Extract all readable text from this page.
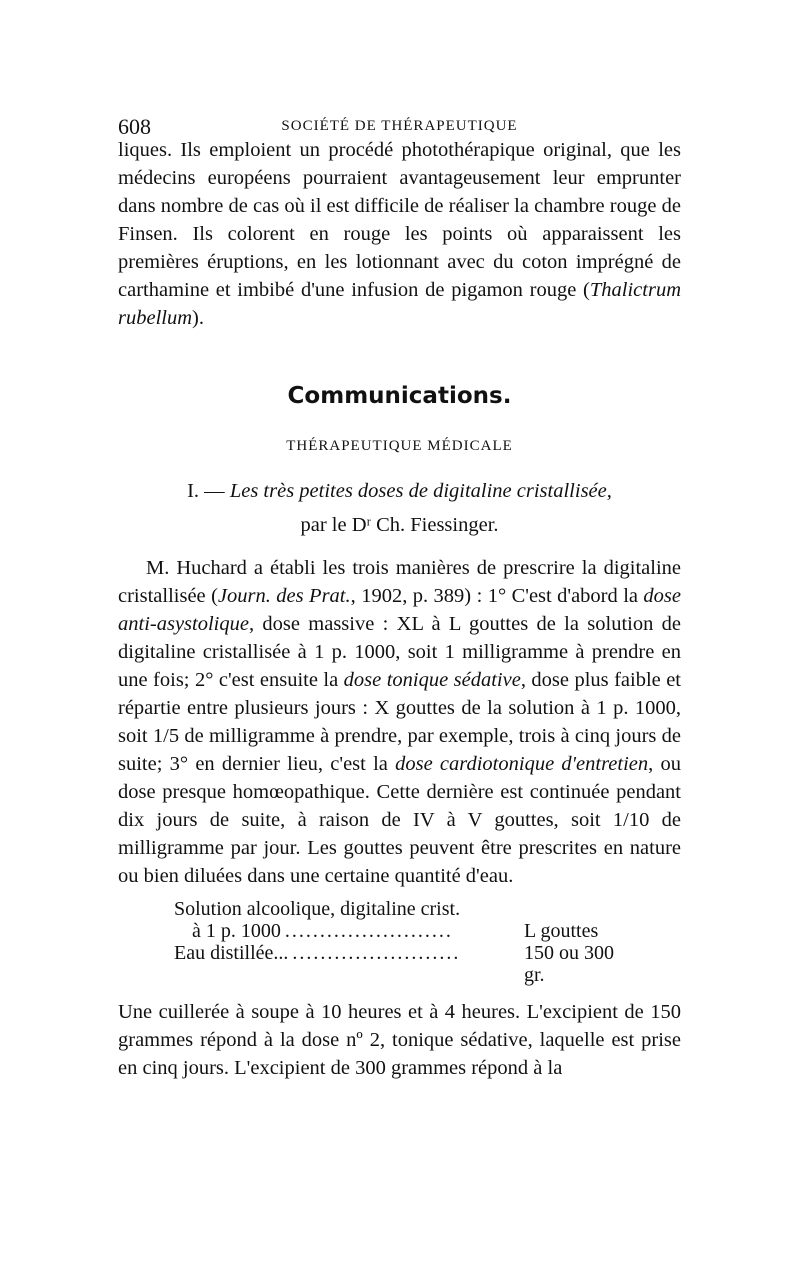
608	SOCIÉTÉ DE THÉRAPEUTIQUE

liques. Ils emploient un procédé photothérapique original, que les médecins européens pourraient avantageusement leur emprunter dans nombre de cas où il est difficile de réaliser la chambre rouge de Finsen. Ils colorent en rouge les points où apparaissent les premières éruptions, en les lotionnant avec du coton imprégné de carthamine et imbibé d'une infusion de pigamon rouge (Thalictrum rubellum).

Communications.
THÉRAPEUTIQUE MÉDICALE
I. — Les très petites doses de digitaline cristallisée,
par le Dʳ Ch. Fiessinger.

M. Huchard a établi les trois manières de prescrire la digitaline cristallisée (Journ. des Prat., 1902, p. 389) : 1° C'est d'abord la dose anti-asystolique, dose massive : XL à L gouttes de la solution de digitaline cristallisée à 1 p. 1000, soit 1 milligramme à prendre en une fois; 2° c'est ensuite la dose tonique sédative, dose plus faible et répartie entre plusieurs jours : X gouttes de la solution à 1 p. 1000, soit 1/5 de milligramme à prendre, par exemple, trois à cinq jours de suite; 3° en dernier lieu, c'est la dose cardiotonique d'entretien, ou dose presque homœopathique. Cette dernière est continuée pendant dix jours de suite, à raison de IV à V gouttes, soit 1/10 de milligramme par jour. Les gouttes peuvent être prescrites en nature ou bien diluées dans une certaine quantité d'eau.

Solution alcoolique, digitaline crist.
à 1 p. 1000 ........................	L gouttes
Eau distillée... ........................	150 ou 300 gr.

Une cuillerée à soupe à 10 heures et à 4 heures. L'excipient de 150 grammes répond à la dose nº 2, tonique sédative, laquelle est prise en cinq jours. L'excipient de 300 grammes répond à la
